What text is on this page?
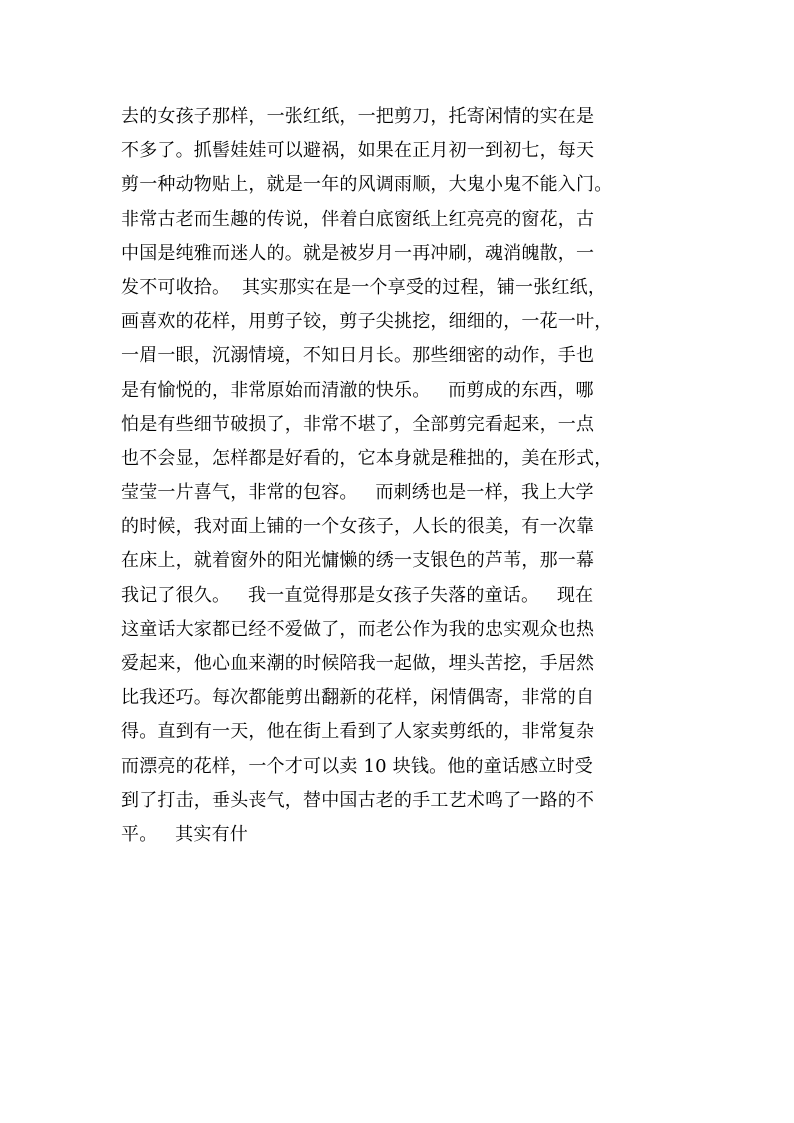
去的女孩子那样，一张红纸，一把剪刀，托寄闲情的实在是
不多了。抓髻娃娃可以避祸，如果在正月初一到初七，每天
剪一种动物贴上，就是一年的风调雨顺，大鬼小鬼不能入门。
非常古老而生趣的传说，伴着白底窗纸上红亮亮的窗花，古
中国是纯雅而迷人的。就是被岁月一再冲刷，魂消魄散，一
发不可收拾。  其实那实在是一个享受的过程，铺一张红纸，
画喜欢的花样，用剪子铰，剪子尖挑挖，细细的，一花一叶，
一眉一眼，沉溺情境，不知日月长。那些细密的动作，手也
是有愉悦的，非常原始而清澈的快乐。   而剪成的东西，哪
怕是有些细节破损了，非常不堪了，全部剪完看起来，一点
也不会显，怎样都是好看的，它本身就是稚拙的，美在形式，
莹莹一片喜气，非常的包容。   而刺绣也是一样，我上大学
的时候，我对面上铺的一个女孩子，人长的很美，有一次靠
在床上，就着窗外的阳光慵懒的绣一支银色的芦苇，那一幕
我记了很久。   我一直觉得那是女孩子失落的童话。   现在
这童话大家都已经不爱做了，而老公作为我的忠实观众也热
爱起来，他心血来潮的时候陪我一起做，埋头苦挖，手居然
比我还巧。每次都能剪出翻新的花样，闲情偶寄，非常的自
得。直到有一天，他在街上看到了人家卖剪纸的，非常复杂
而漂亮的花样，一个才可以卖 10 块钱。他的童话感立时受
到了打击，垂头丧气，替中国古老的手工艺术鸣了一路的不
平。   其实有什
